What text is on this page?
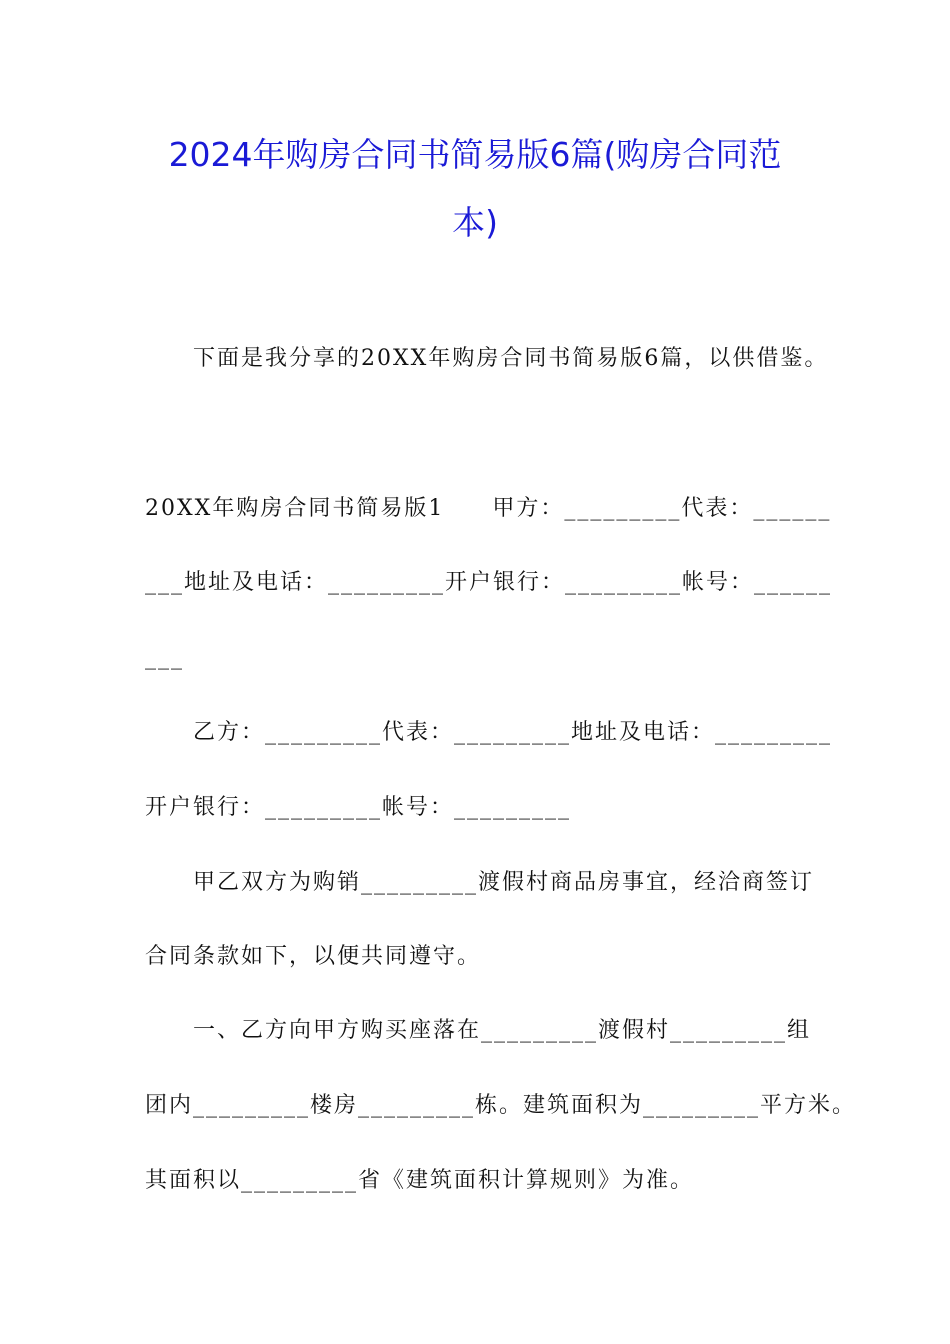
2024年购房合同书简易版6篇(购房合同范
本)
下面是我分享的20XX年购房合同书简易版6篇，以供借鉴。
20XX年购房合同书简易版1　　甲方：_________代表：______
___地址及电话：_________开户银行：_________帐号：______
___
乙方：_________代表：_________地址及电话：_________
开户银行：_________帐号：_________
甲乙双方为购销_________渡假村商品房事宜，经洽商签订
合同条款如下，以便共同遵守。
一、乙方向甲方购买座落在_________渡假村_________组
团内_________楼房_________栋。建筑面积为_________平方米。
其面积以_________省《建筑面积计算规则》为准。
